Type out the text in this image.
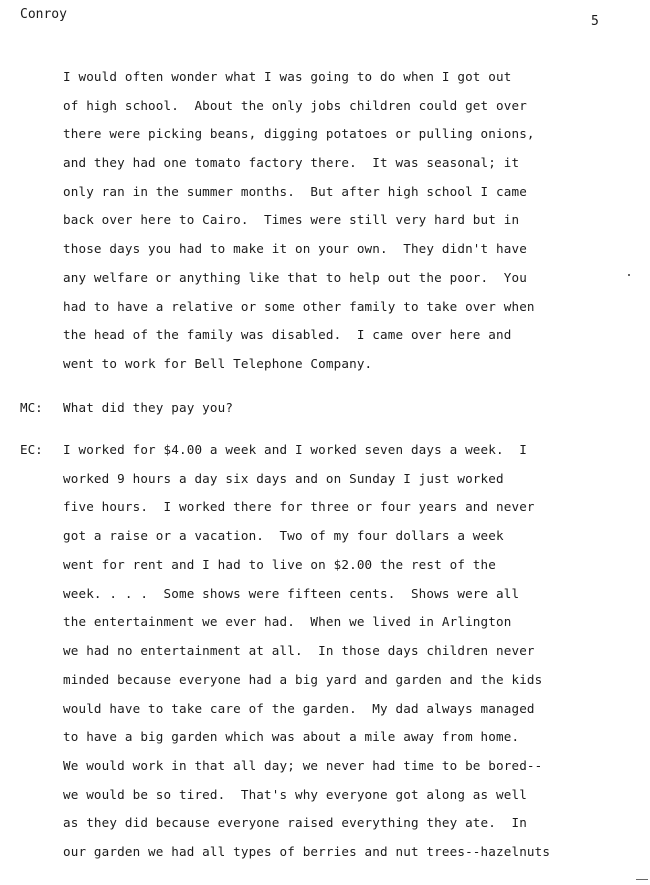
Conroy	5
I would often wonder what I was going to do when I got out
of high school.  About the only jobs children could get over
there were picking beans, digging potatoes or pulling onions,
and they had one tomato factory there.  It was seasonal; it
only ran in the summer months.  But after high school I came
back over here to Cairo.  Times were still very hard but in
those days you had to make it on your own.  They didn't have
any welfare or anything like that to help out the poor.  You
had to have a relative or some other family to take over when
the head of the family was disabled.  I came over here and
went to work for Bell Telephone Company.
MC: What did they pay you?
EC: I worked for $4.00 a week and I worked seven days a week.  I
worked 9 hours a day six days and on Sunday I just worked
five hours.  I worked there for three or four years and never
got a raise or a vacation.  Two of my four dollars a week
went for rent and I had to live on $2.00 the rest of the
week. . . .  Some shows were fifteen cents.  Shows were all
the entertainment we ever had.  When we lived in Arlington
we had no entertainment at all.  In those days children never
minded because everyone had a big yard and garden and the kids
would have to take care of the garden.  My dad always managed
to have a big garden which was about a mile away from home.
We would work in that all day; we never had time to be bored--
we would be so tired.  That's why everyone got along as well
as they did because everyone raised everything they ate.  In
our garden we had all types of berries and nut trees--hazelnuts
